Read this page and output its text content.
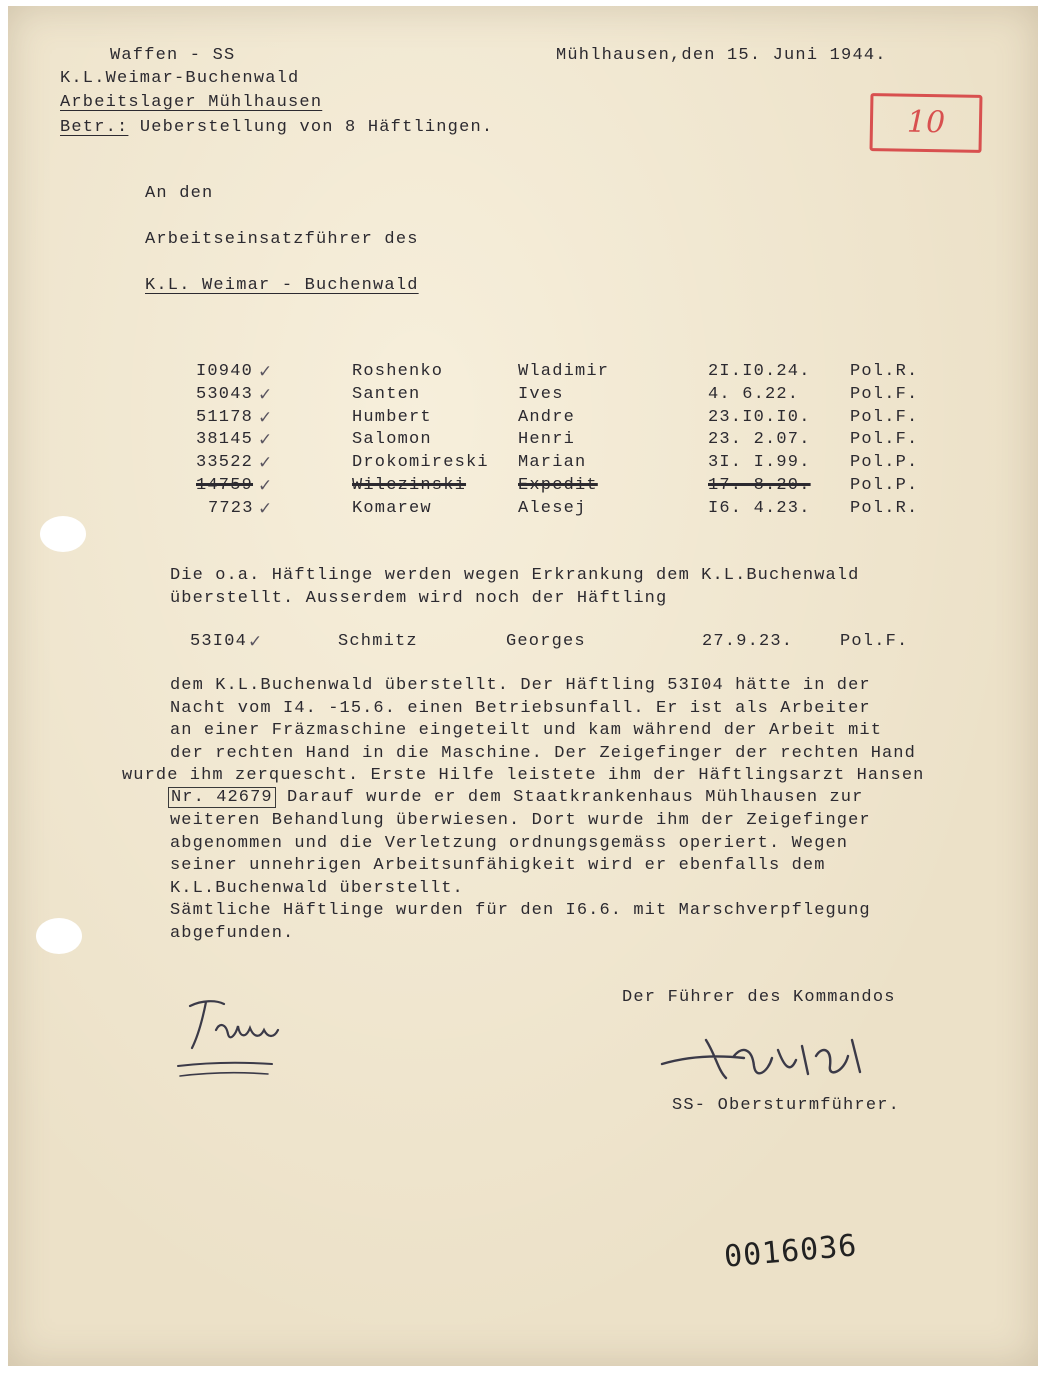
Waffen - SS
K.L.Weimar-Buchenwald
Arbeitslager Mühlhausen
Betr.: Ueberstellung von 8 Häftlingen.
Mühlhausen,den 15. Juni 1944.
10
An den
Arbeitseinsatzführer des
K.L. Weimar - Buchenwald
I0940	Roshenko	Wladimir	2I.I0.24. Pol.R.
✓
53043	Santen	Ives	4. 6.22.	Pol.F.
✓
51178	Humbert	Andre	23.I0.I0. Pol.F.
✓
38145	Salomon	Henri	23. 2.07. Pol.F.
✓
33522	Drokomireski Marian	3I. I.99. Pol.P.
✓
14759	Wilezinski	Expedit	17. 8.20. Pol.P.
✓
7723	Komarew	Alesej	I6. 4.23. Pol.R.
✓
Die o.a. Häftlinge werden wegen Erkrankung dem K.L.Buchenwald
überstellt. Ausserdem wird noch der Häftling
53I04 ✓	Schmitz	Georges	27.9.23.	Pol.F.
dem K.L.Buchenwald überstellt. Der Häftling 53I04 hätte in der
Nacht vom I4. -15.6. einen Betriebsunfall. Er ist als Arbeiter
an einer Fräzmaschine eingeteilt und kam während der Arbeit mit
der rechten Hand in die Maschine. Der Zeigefinger der rechten Hand
wurde ihm zerquescht. Erste Hilfe leistete ihm der Häftlingsarzt Hansen
Nr. 42679 Darauf wurde er dem Staatkrankenhaus Mühlhausen zur
weiteren Behandlung überwiesen. Dort wurde ihm der Zeigefinger
abgenommen und die Verletzung ordnungsgemäss operiert. Wegen
seiner unnehrigen Arbeitsunfähigkeit wird er ebenfalls dem
K.L.Buchenwald überstellt.
Sämtliche Häftlinge wurden für den I6.6. mit Marschverpflegung
abgefunden.
Der Führer des Kommandos
SS- Obersturmführer.
0016036
